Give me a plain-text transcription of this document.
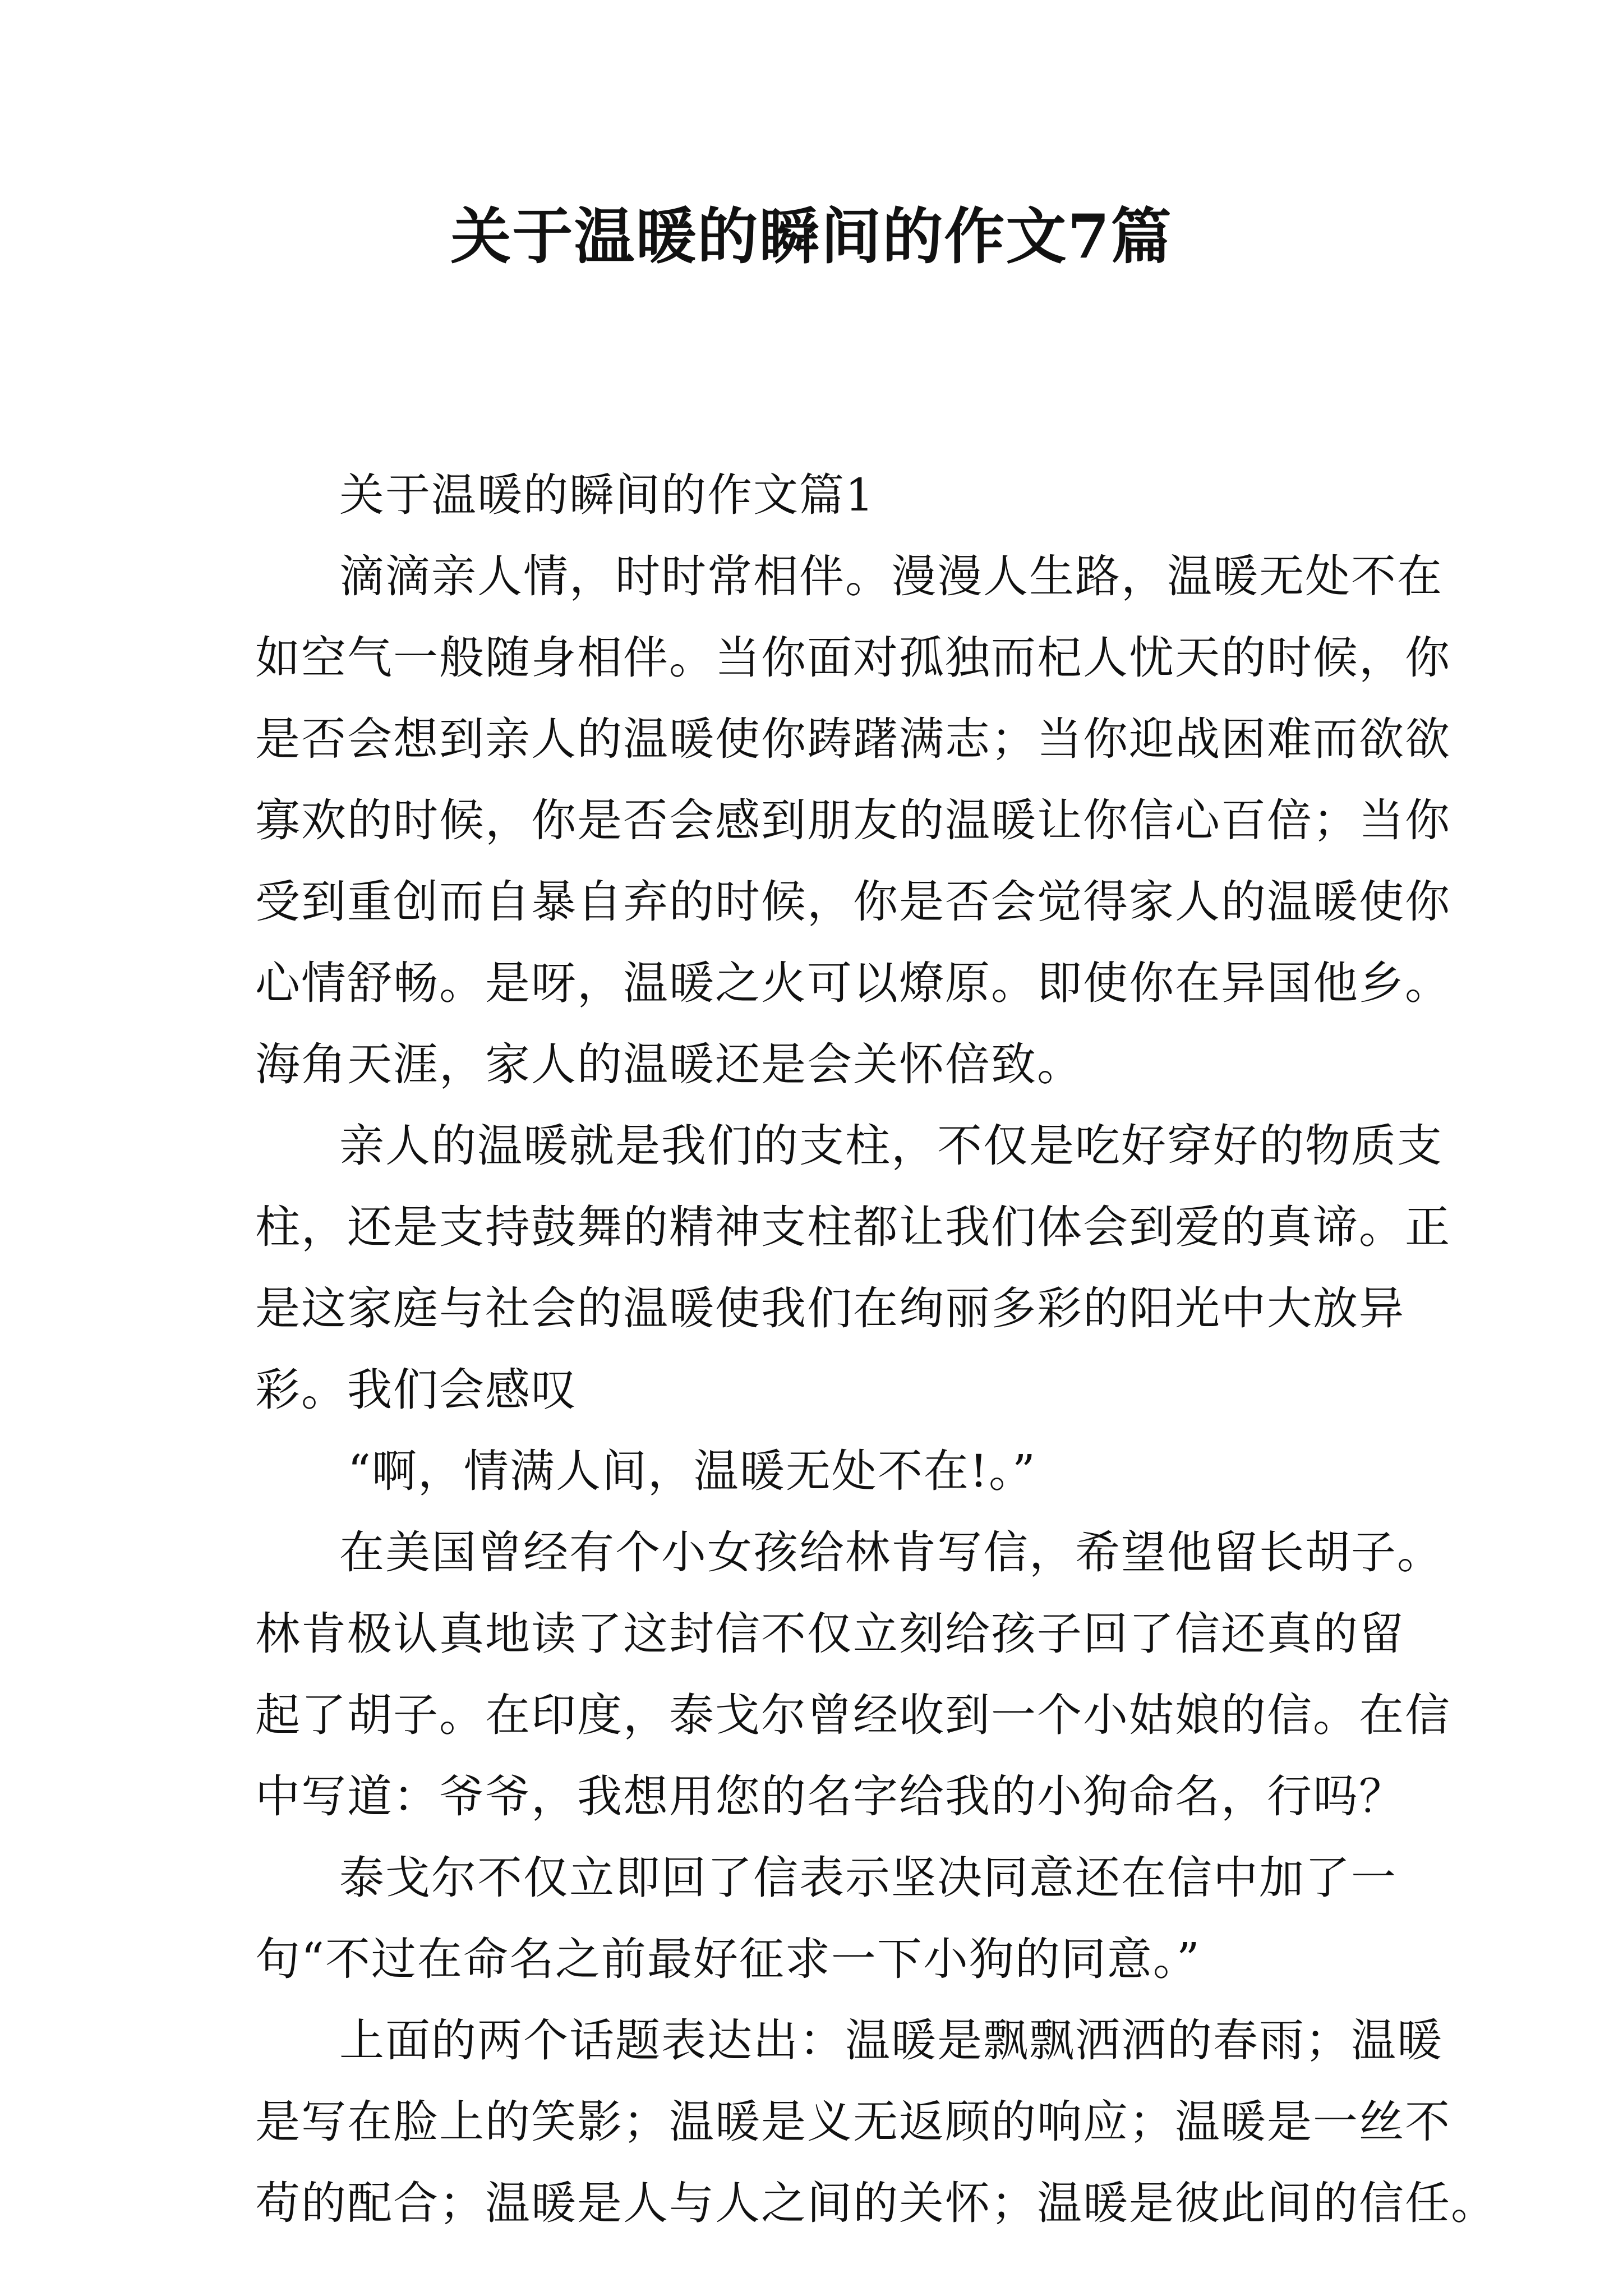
关于温暖的瞬间的作文7篇
关于温暖的瞬间的作文篇1
滴滴亲人情，时时常相伴。漫漫人生路，温暖无处不在
如空气一般随身相伴。当你面对孤独而杞人忧天的时候，你
是否会想到亲人的温暖使你踌躇满志；当你迎战困难而欲欲
寡欢的时候，你是否会感到朋友的温暖让你信心百倍；当你
受到重创而自暴自弃的时候，你是否会觉得家人的温暖使你
心情舒畅。是呀，温暖之火可以燎原。即使你在异国他乡。
海角天涯，家人的温暖还是会关怀倍致。
亲人的温暖就是我们的支柱，不仅是吃好穿好的物质支
柱，还是支持鼓舞的精神支柱都让我们体会到爱的真谛。正
是这家庭与社会的温暖使我们在绚丽多彩的阳光中大放异
彩。我们会感叹
“啊，情满人间，温暖无处不在!。”
在美国曾经有个小女孩给林肯写信，希望他留长胡子。
林肯极认真地读了这封信不仅立刻给孩子回了信还真的留
起了胡子。在印度，泰戈尔曾经收到一个小姑娘的信。在信
中写道：爷爷，我想用您的名字给我的小狗命名，行吗？
泰戈尔不仅立即回了信表示坚决同意还在信中加了一
句“不过在命名之前最好征求一下小狗的同意。”
上面的两个话题表达出：温暖是飘飘洒洒的春雨；温暖
是写在脸上的笑影；温暖是义无返顾的响应；温暖是一丝不
苟的配合；温暖是人与人之间的关怀；温暖是彼此间的信任。
